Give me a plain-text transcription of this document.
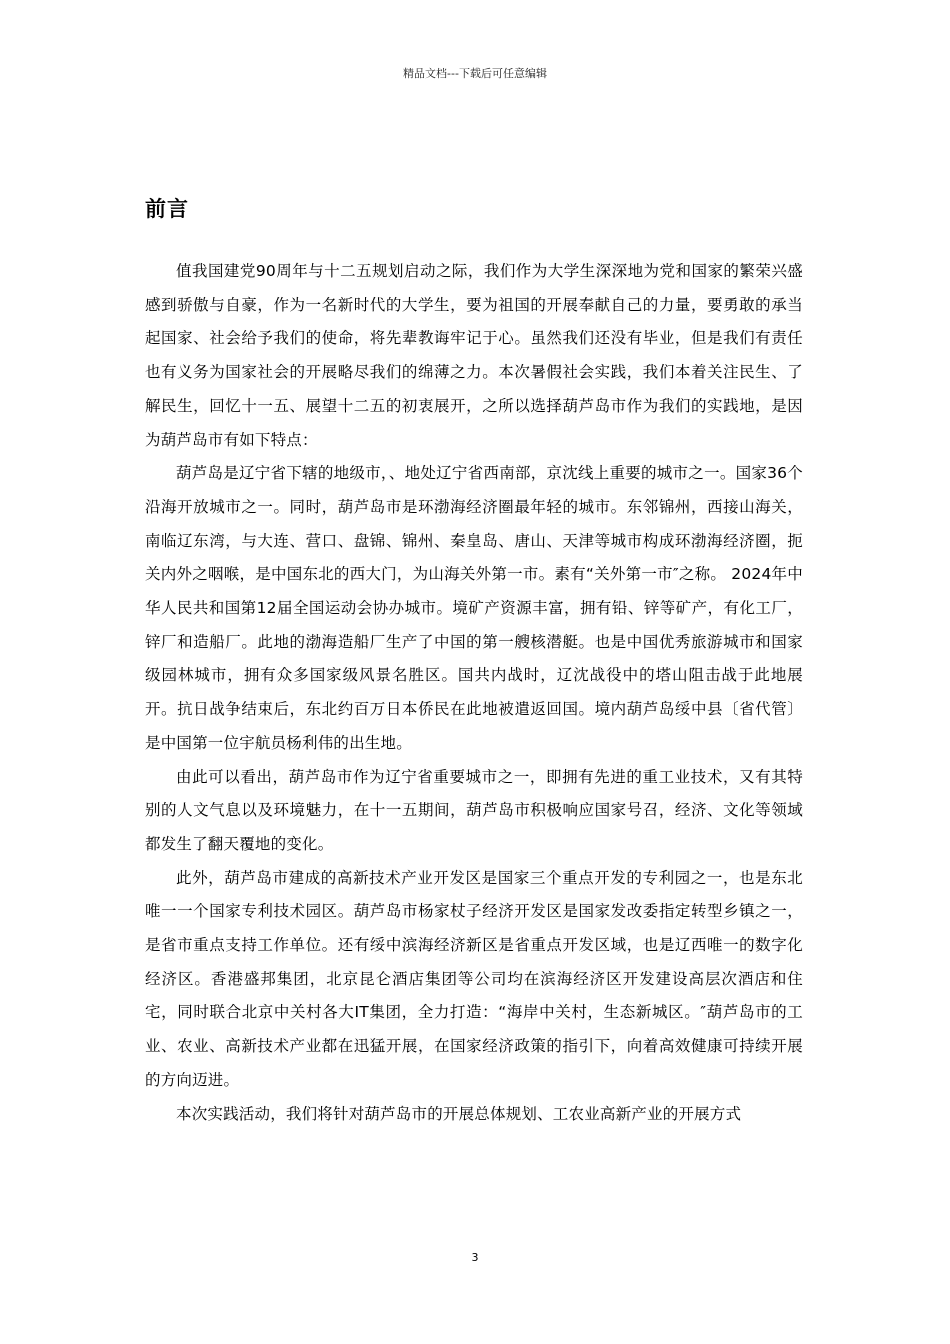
精品文档---下载后可任意编辑
前言

值我国建党90周年与十二五规划启动之际，我们作为大学生深深地为党和国家的繁荣兴盛感到骄傲与自豪，作为一名新时代的大学生，要为祖国的开展奉献自己的力量，要勇敢的承当起国家、社会给予我们的使命，将先辈教诲牢记于心。虽然我们还没有毕业，但是我们有责任也有义务为国家社会的开展略尽我们的绵薄之力。本次暑假社会实践，我们本着关注民生、了解民生，回忆十一五、展望十二五的初衷展开，之所以选择葫芦岛市作为我们的实践地，是因为葫芦岛市有如下特点：

葫芦岛是辽宁省下辖的地级市，、地处辽宁省西南部，京沈线上重要的城市之一。国家36个沿海开放城市之一。同时，葫芦岛市是环渤海经济圈最年轻的城市。东邻锦州，西接山海关，南临辽东湾，与大连、营口、盘锦、锦州、秦皇岛、唐山、天津等城市构成环渤海经济圈，扼关内外之咽喉，是中国东北的西大门，为山海关外第一市。素有“关外第一市″之称。 2024年中华人民共和国第12届全国运动会协办城市。境矿产资源丰富，拥有铅、锌等矿产，有化工厂，锌厂和造船厂。此地的渤海造船厂生产了中国的第一艘核潜艇。也是中国优秀旅游城市和国家级园林城市，拥有众多国家级风景名胜区。国共内战时，辽沈战役中的塔山阻击战于此地展开。抗日战争结束后，东北约百万日本侨民在此地被遣返回国。境内葫芦岛绥中县〔省代管〕是中国第一位宇航员杨利伟的出生地。

由此可以看出，葫芦岛市作为辽宁省重要城市之一，即拥有先进的重工业技术，又有其特别的人文气息以及环境魅力，在十一五期间，葫芦岛市积极响应国家号召，经济、文化等领域都发生了翻天覆地的变化。

此外，葫芦岛市建成的高新技术产业开发区是国家三个重点开发的专利园之一，也是东北唯一一个国家专利技术园区。葫芦岛市杨家杖子经济开发区是国家发改委指定转型乡镇之一，是省市重点支持工作单位。还有绥中滨海经济新区是省重点开发区域，也是辽西唯一的数字化经济区。香港盛邦集团，北京昆仑酒店集团等公司均在滨海经济区开发建设高层次酒店和住宅，同时联合北京中关村各大IT集团，全力打造：“海岸中关村，生态新城区。″葫芦岛市的工业、农业、高新技术产业都在迅猛开展，在国家经济政策的指引下，向着高效健康可持续开展的方向迈进。

本次实践活动，我们将针对葫芦岛市的开展总体规划、工农业高新产业的开展方式

3
